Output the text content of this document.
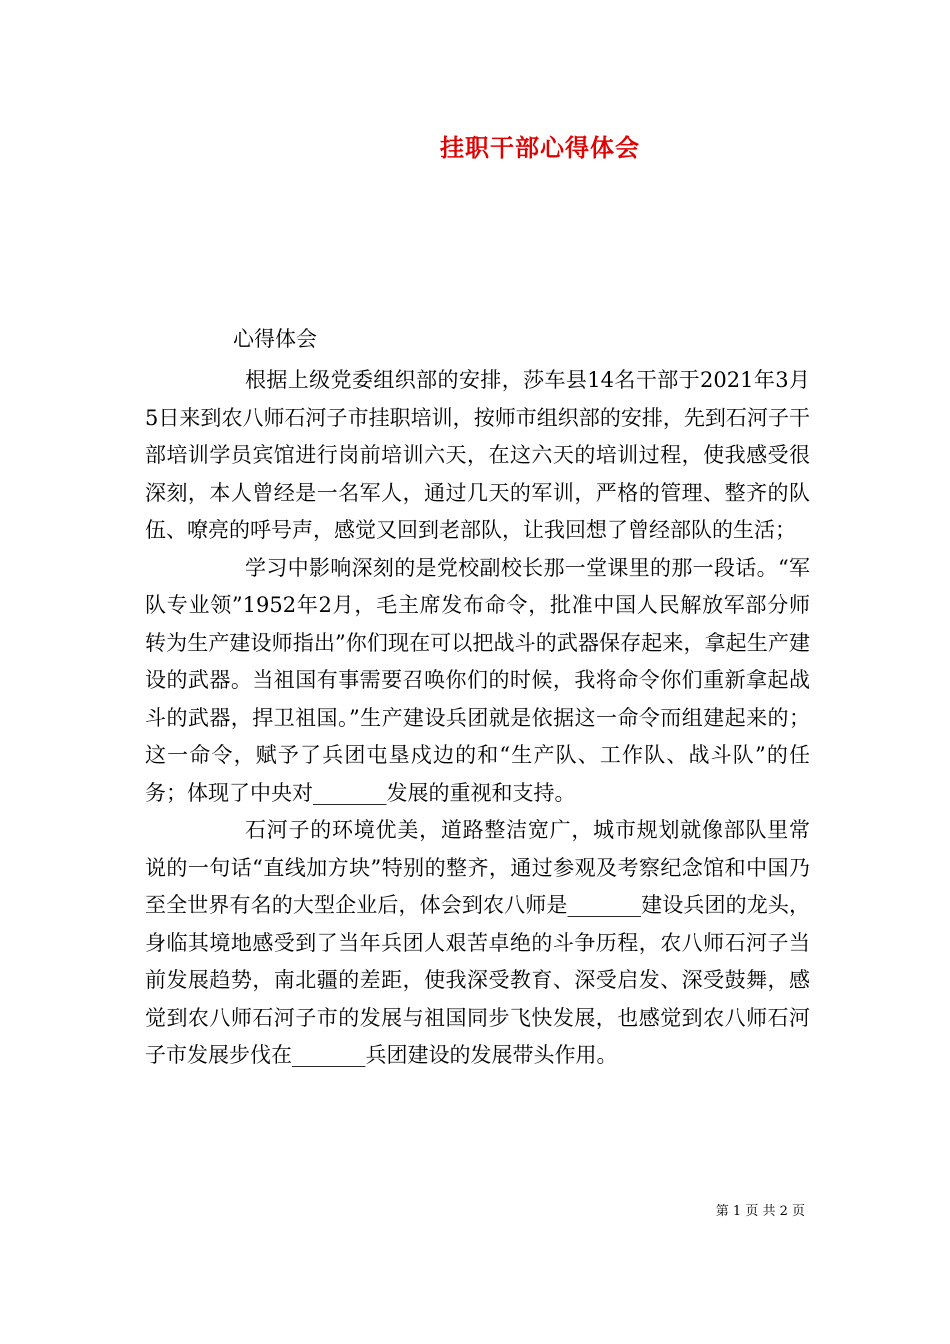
挂职干部心得体会
心得体会

根据上级党委组织部的安排，莎车县14名干部于2021年3月5日来到农八师石河子市挂职培训，按师市组织部的安排，先到石河子干部培训学员宾馆进行岗前培训六天，在这六天的培训过程，使我感受很深刻，本人曾经是一名军人，通过几天的军训，严格的管理、整齐的队伍、嘹亮的呼号声，感觉又回到老部队，让我回想了曾经部队的生活；

学习中影响深刻的是党校副校长那一堂课里的那一段话。“军队专业领”1952年2月，毛主席发布命令，批准中国人民解放军部分师转为生产建设师指出”你们现在可以把战斗的武器保存起来，拿起生产建设的武器。当祖国有事需要召唤你们的时候，我将命令你们重新拿起战斗的武器，捍卫祖国。”生产建设兵团就是依据这一命令而组建起来的；这一命令，赋予了兵团屯垦戍边的和“生产队、工作队、战斗队”的任务；体现了中央对_______发展的重视和支持。

石河子的环境优美，道路整洁宽广，城市规划就像部队里常说的一句话“直线加方块”特别的整齐，通过参观及考察纪念馆和中国乃至全世界有名的大型企业后，体会到农八师是_______建设兵团的龙头，身临其境地感受到了当年兵团人艰苦卓绝的斗争历程，农八师石河子当前发展趋势，南北疆的差距，使我深受教育、深受启发、深受鼓舞，感觉到农八师石河子市的发展与祖国同步飞快发展，也感觉到农八师石河子市发展步伐在_______兵团建设的发展带头作用。

第 1 页 共 2 页
